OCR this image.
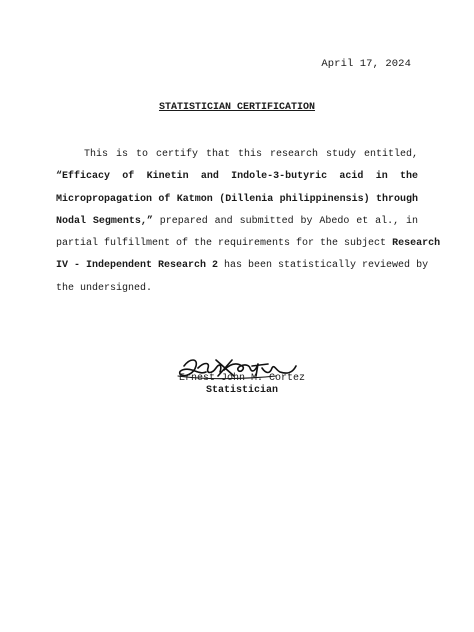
April 17, 2024
STATISTICIAN CERTIFICATION
This is to certify that this research study entitled,
“Efficacy of Kinetin and Indole-3-butyric acid in the
Micropropagation of Katmon (Dillenia philippinensis) through
Nodal Segments,” prepared and submitted by Abedo et al., in
partial fulfillment of the requirements for the subject Research
IV - Independent Research 2 has been statistically reviewed by
the undersigned.
Ernest John M. Cortez
Statistician
